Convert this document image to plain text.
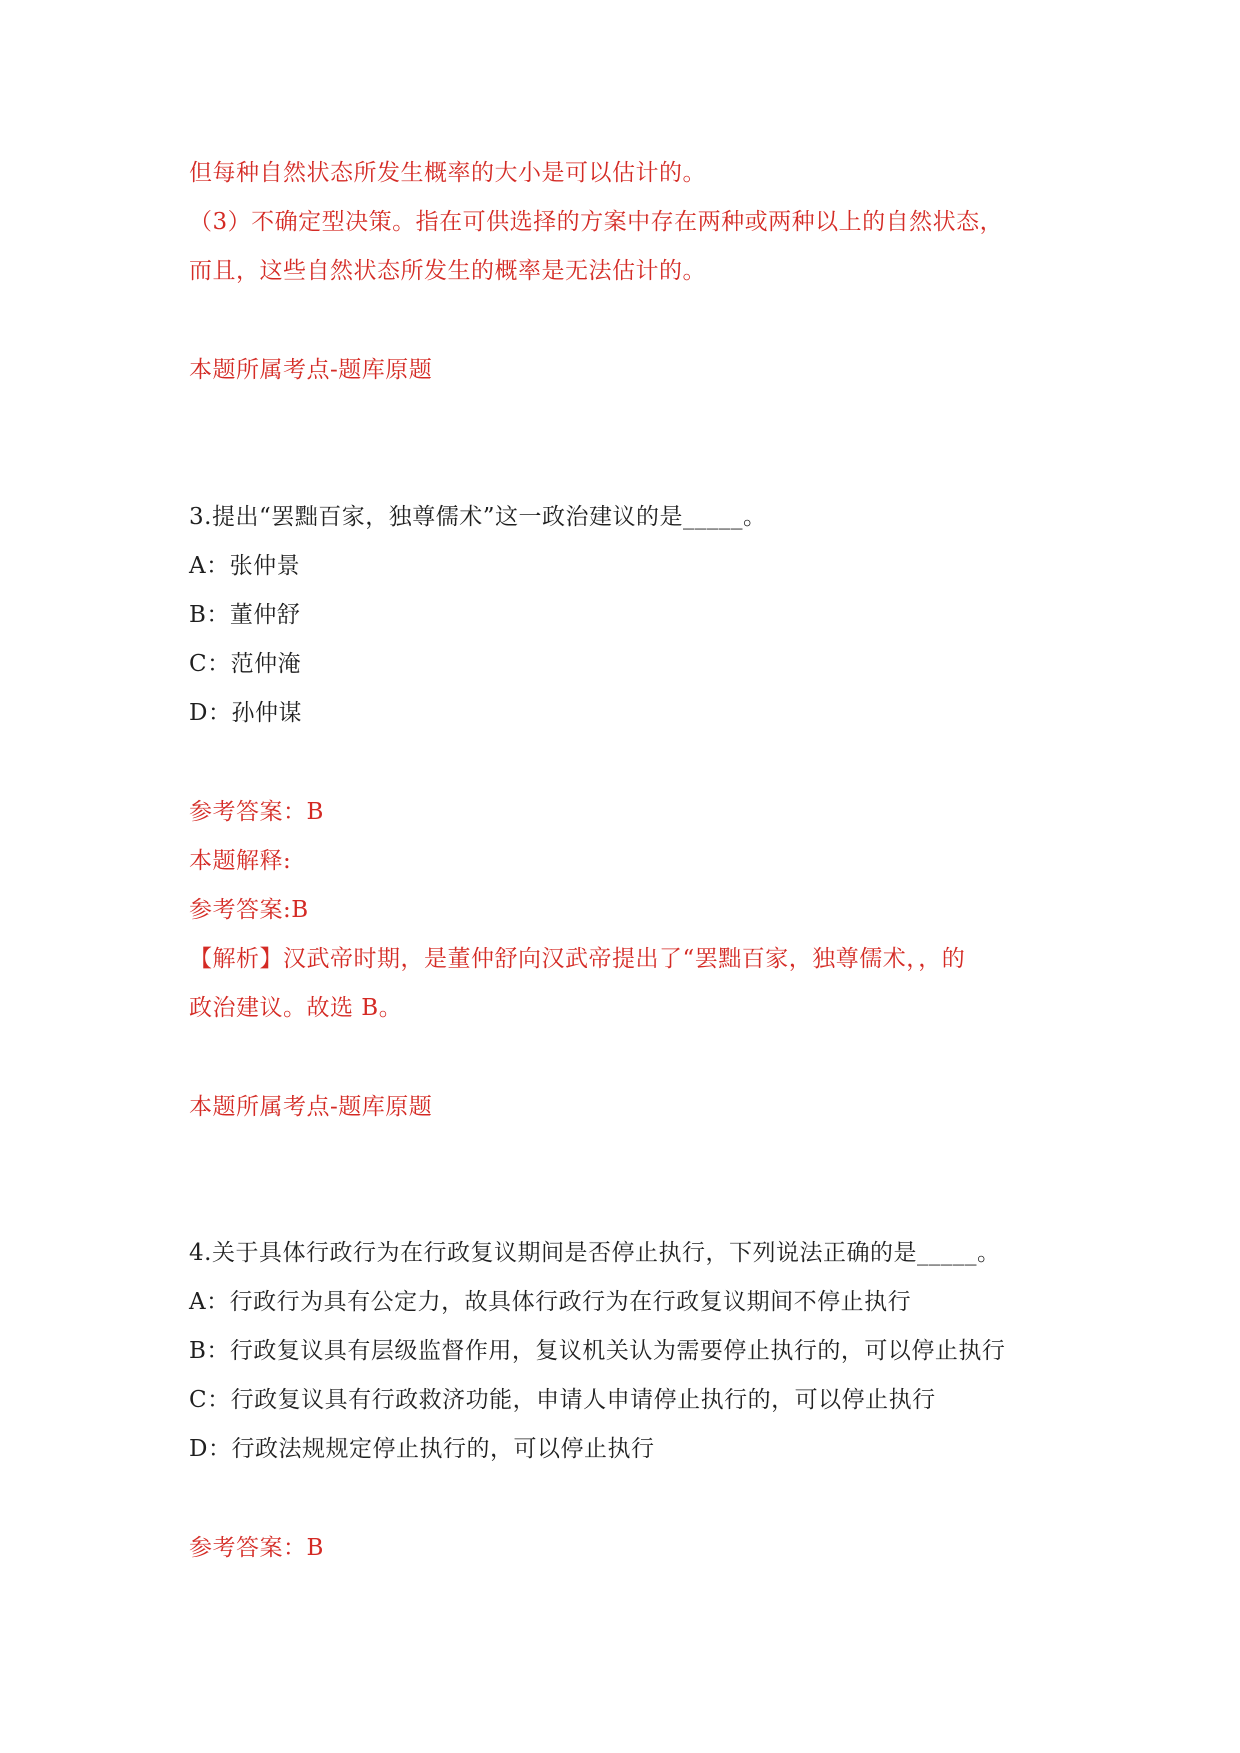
但每种自然状态所发生概率的大小是可以估计的。
（3）不确定型决策。指在可供选择的方案中存在两种或两种以上的自然状态，
而且，这些自然状态所发生的概率是无法估计的。
本题所属考点-题库原题
3.提出“罢黜百家，独尊儒术”这一政治建议的是_____。
A：张仲景
B：董仲舒
C：范仲淹
D：孙仲谋
参考答案：B
本题解释:
参考答案:B
【解析】汉武帝时期，是董仲舒向汉武帝提出了“罢黜百家，独尊儒术，，的
政治建议。故选 B。
本题所属考点-题库原题
4.关于具体行政行为在行政复议期间是否停止执行，下列说法正确的是_____。
A：行政行为具有公定力，故具体行政行为在行政复议期间不停止执行
B：行政复议具有层级监督作用，复议机关认为需要停止执行的，可以停止执行
C：行政复议具有行政救济功能，申请人申请停止执行的，可以停止执行
D：行政法规规定停止执行的，可以停止执行
参考答案：B
